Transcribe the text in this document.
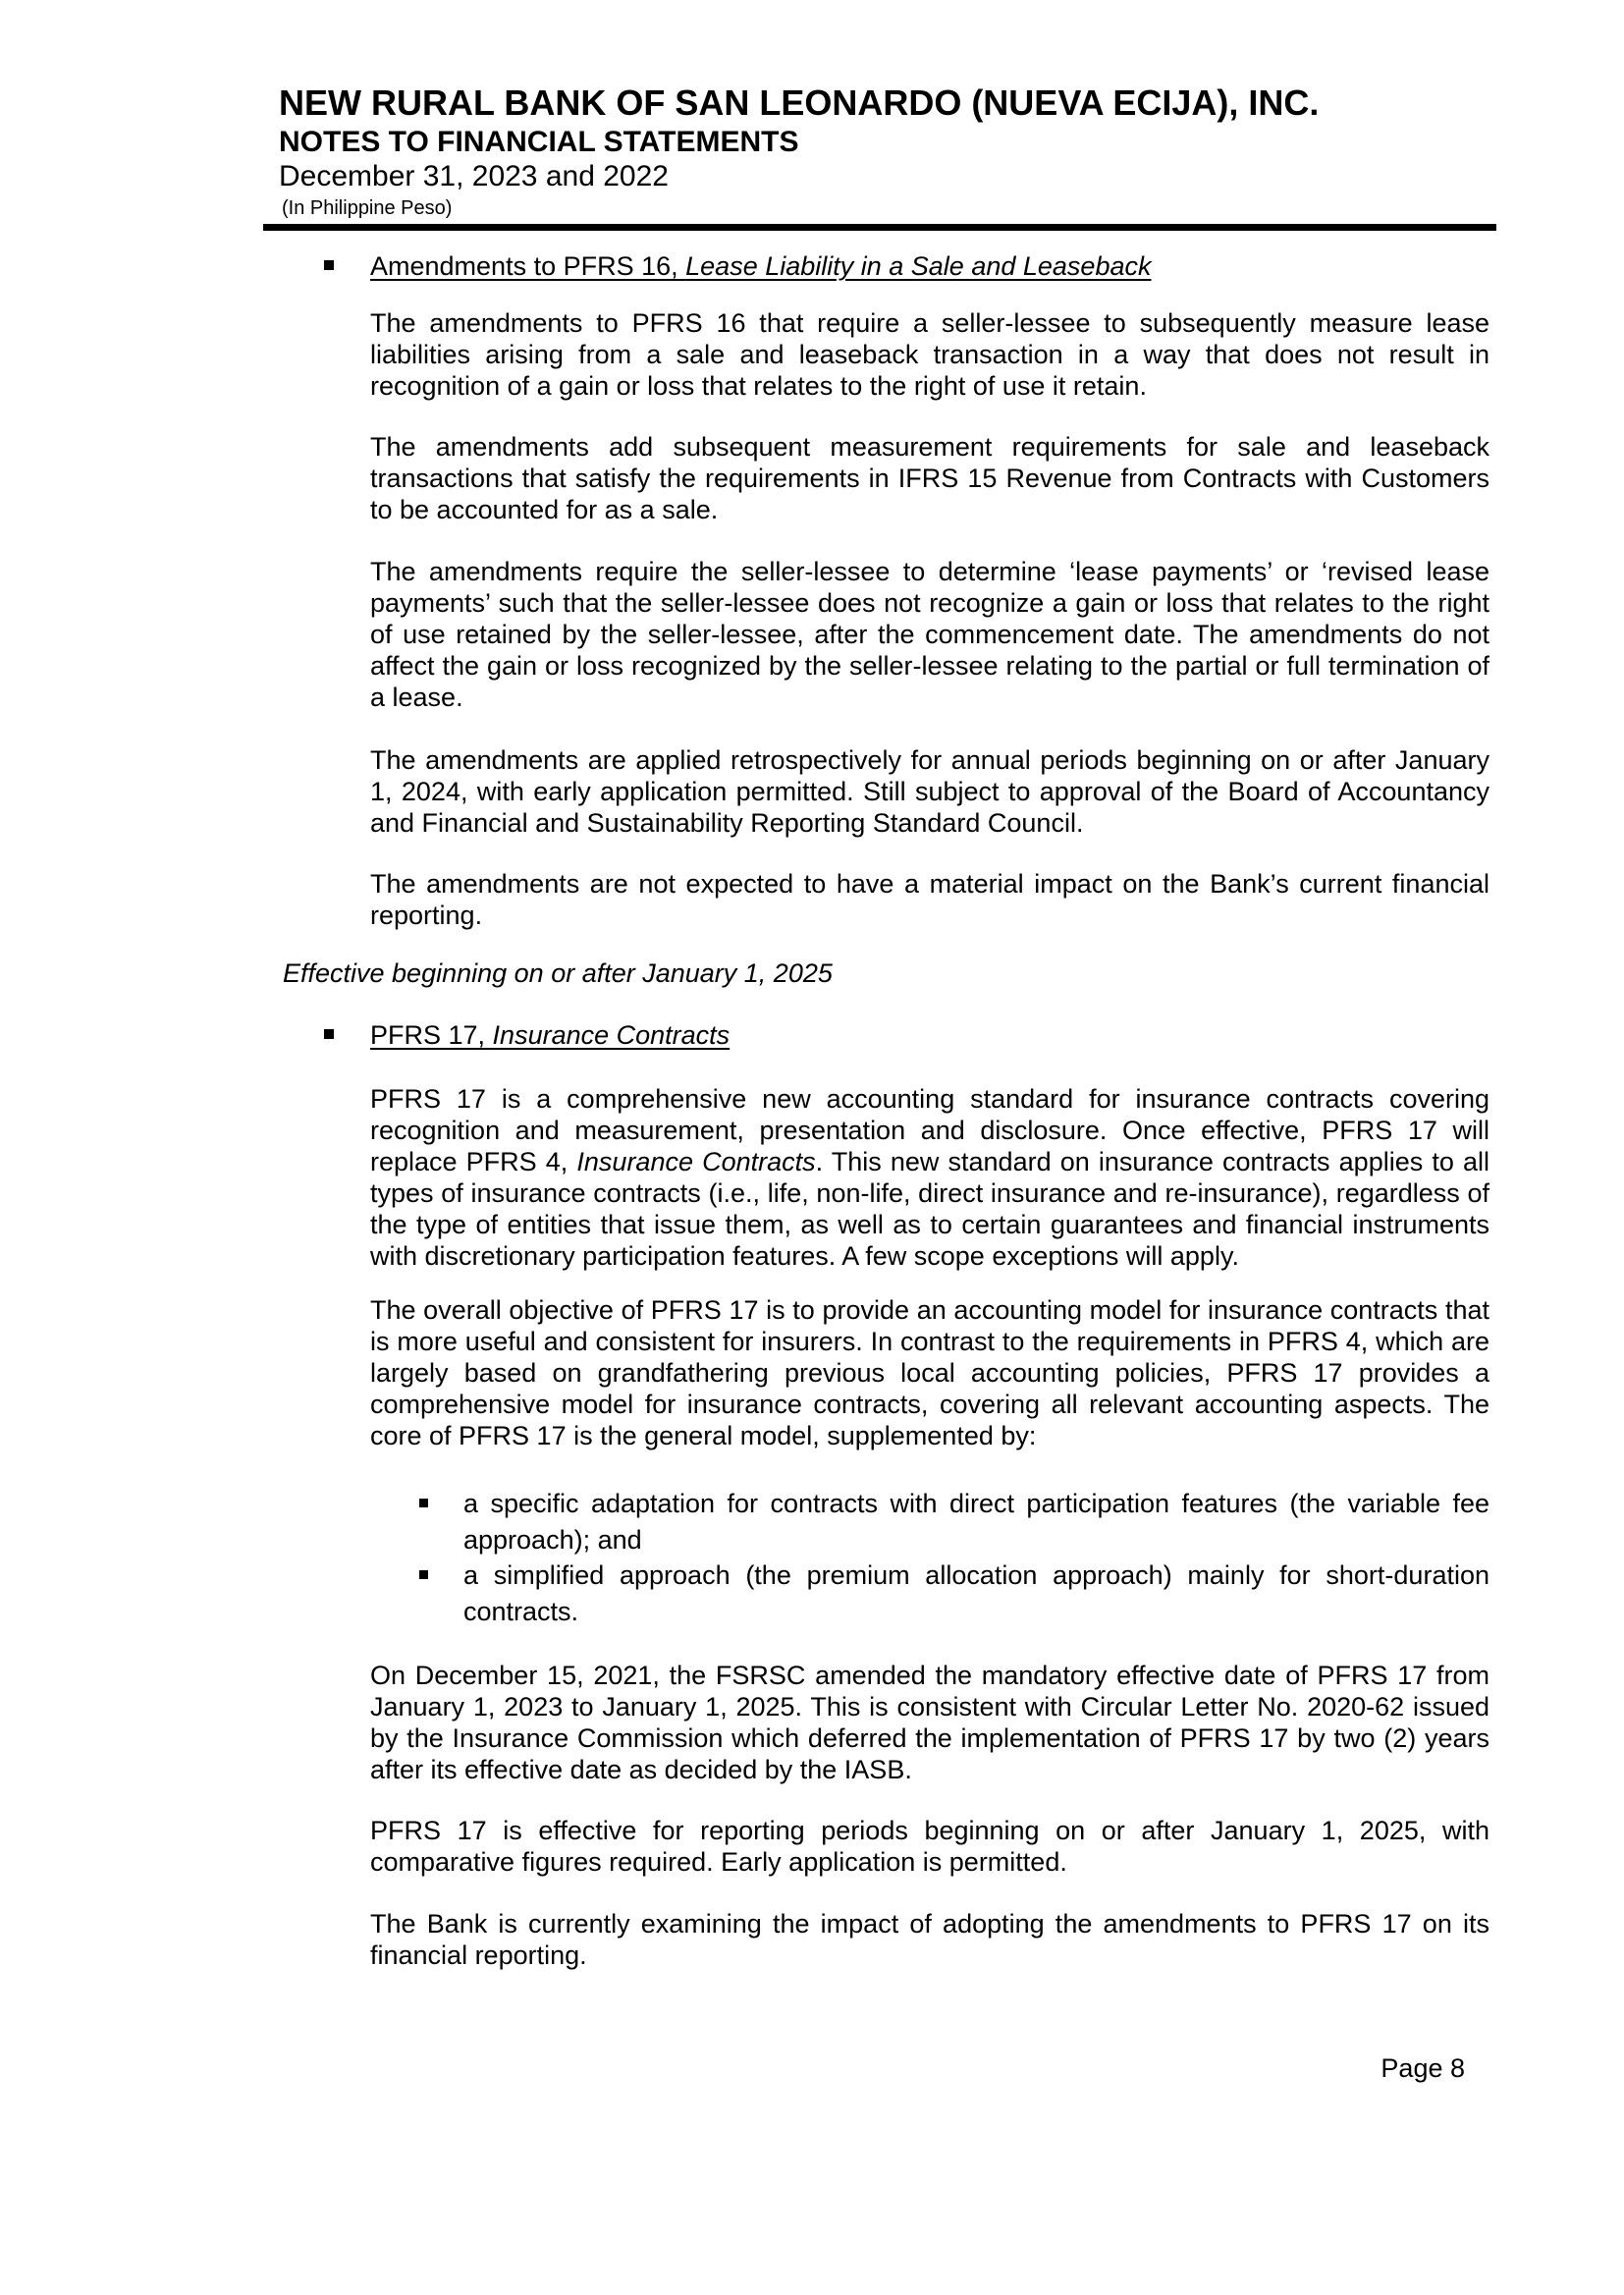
NEW RURAL BANK OF SAN LEONARDO (NUEVA ECIJA), INC.
NOTES TO FINANCIAL STATEMENTS
December 31, 2023 and 2022
(In Philippine Peso)
Amendments to PFRS 16, Lease Liability in a Sale and Leaseback

The amendments to PFRS 16 that require a seller-lessee to subsequently measure lease liabilities arising from a sale and leaseback transaction in a way that does not result in recognition of a gain or loss that relates to the right of use it retain.

The amendments add subsequent measurement requirements for sale and leaseback transactions that satisfy the requirements in IFRS 15 Revenue from Contracts with Customers to be accounted for as a sale.

The amendments require the seller-lessee to determine ‘lease payments’ or ‘revised lease payments’ such that the seller-lessee does not recognize a gain or loss that relates to the right of use retained by the seller-lessee, after the commencement date. The amendments do not affect the gain or loss recognized by the seller-lessee relating to the partial or full termination of a lease.

The amendments are applied retrospectively for annual periods beginning on or after January 1, 2024, with early application permitted. Still subject to approval of the Board of Accountancy and Financial and Sustainability Reporting Standard Council.

The amendments are not expected to have a material impact on the Bank’s current financial reporting.

Effective beginning on or after January 1, 2025
PFRS 17, Insurance Contracts

PFRS 17 is a comprehensive new accounting standard for insurance contracts covering recognition and measurement, presentation and disclosure. Once effective, PFRS 17 will replace PFRS 4, Insurance Contracts. This new standard on insurance contracts applies to all types of insurance contracts (i.e., life, non-life, direct insurance and re-insurance), regardless of the type of entities that issue them, as well as to certain guarantees and financial instruments with discretionary participation features. A few scope exceptions will apply.

The overall objective of PFRS 17 is to provide an accounting model for insurance contracts that is more useful and consistent for insurers. In contrast to the requirements in PFRS 4, which are largely based on grandfathering previous local accounting policies, PFRS 17 provides a comprehensive model for insurance contracts, covering all relevant accounting aspects. The core of PFRS 17 is the general model, supplemented by:

a specific adaptation for contracts with direct participation features (the variable fee approach); and
a simplified approach (the premium allocation approach) mainly for short-duration contracts.

On December 15, 2021, the FSRSC amended the mandatory effective date of PFRS 17 from January 1, 2023 to January 1, 2025. This is consistent with Circular Letter No. 2020-62 issued by the Insurance Commission which deferred the implementation of PFRS 17 by two (2) years after its effective date as decided by the IASB.

PFRS 17 is effective for reporting periods beginning on or after January 1, 2025, with comparative figures required. Early application is permitted.

The Bank is currently examining the impact of adopting the amendments to PFRS 17 on its financial reporting.

Page 8
